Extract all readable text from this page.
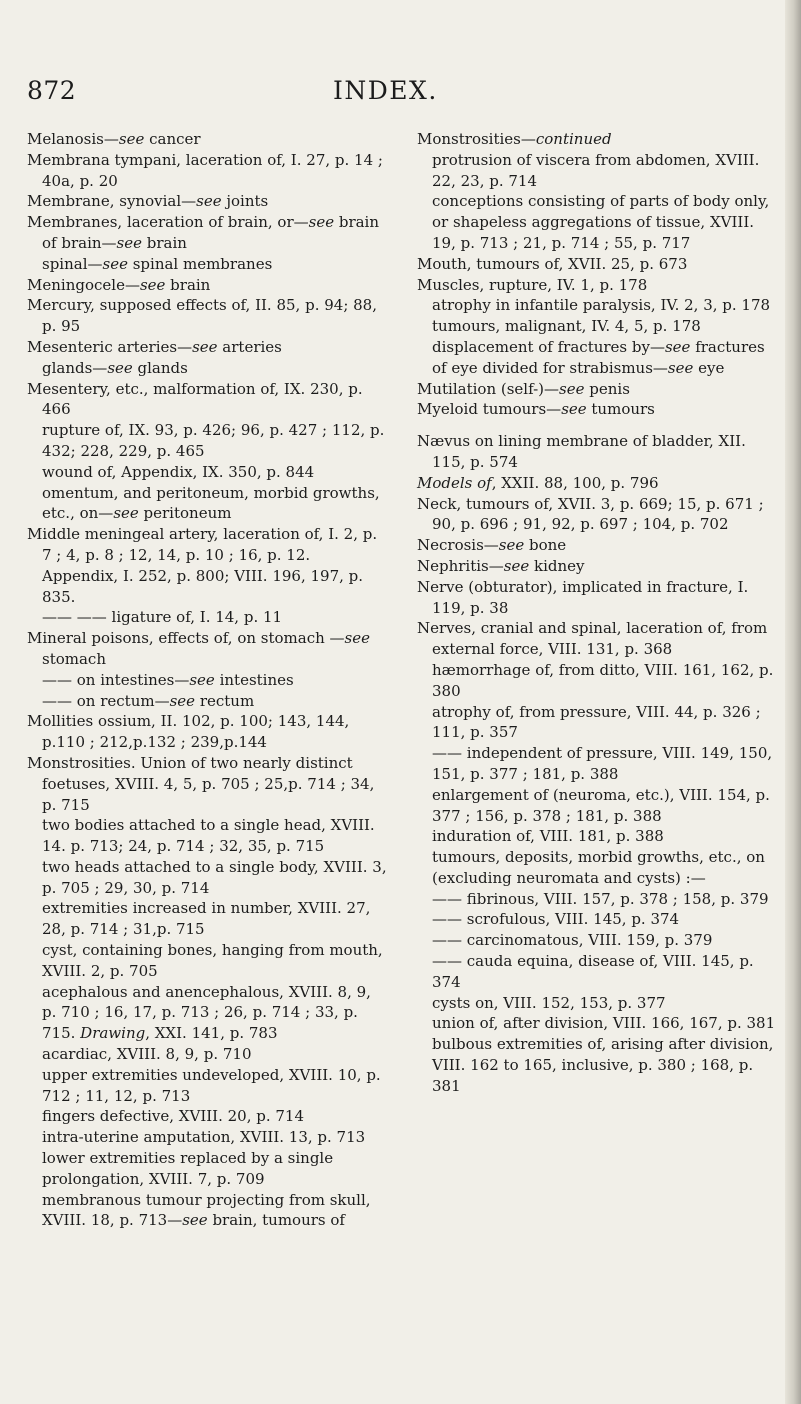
872	INDEX.

Melanosis—see cancer

Membrana tympani, laceration of, I. 27, p. 14 ; 40a, p. 20

Membrane, synovial—see joints

Membranes, laceration of brain, or—see brain

of brain—see brain

spinal—see spinal membranes

Meningocele—see brain

Mercury, supposed effects of, II. 85, p. 94; 88, p. 95

Mesenteric arteries—see arteries

glands—see glands

Mesentery, etc., malformation of, IX. 230, p. 466

rupture of, IX. 93, p. 426; 96, p. 427 ; 112, p. 432; 228, 229, p. 465

wound of, Appendix, IX. 350, p. 844

omentum, and peritoneum, morbid growths, etc., on—see peritoneum

Middle meningeal artery, laceration of, I. 2, p. 7 ; 4, p. 8 ; 12, 14, p. 10 ; 16, p. 12. Appendix, I. 252, p. 800; VIII. 196, 197, p. 835.

—— —— ligature of, I. 14, p. 11

Mineral poisons, effects of, on stomach —see stomach

—— on intestines—see intestines

—— on rectum—see rectum

Mollities ossium, II. 102, p. 100; 143, 144, p.110 ; 212,p.132 ; 239,p.144

Monstrosities. Union of two nearly distinct foetuses, XVIII. 4, 5, p. 705 ; 25,p. 714 ; 34, p. 715

two bodies attached to a single head, XVIII. 14. p. 713; 24, p. 714 ; 32, 35, p. 715

two heads attached to a single body, XVIII. 3, p. 705 ; 29, 30, p. 714

extremities increased in number, XVIII. 27, 28, p. 714 ; 31,p. 715

cyst, containing bones, hanging from mouth, XVIII. 2, p. 705

acephalous and anencephalous, XVIII. 8, 9, p. 710 ; 16, 17, p. 713 ; 26, p. 714 ; 33, p. 715. Drawing, XXI. 141, p. 783

acardiac, XVIII. 8, 9, p. 710

upper extremities undeveloped, XVIII. 10, p. 712 ; 11, 12, p. 713

fingers defective, XVIII. 20, p. 714

intra-uterine amputation, XVIII. 13, p. 713

lower extremities replaced by a single prolongation, XVIII. 7, p. 709

membranous tumour projecting from skull, XVIII. 18, p. 713—see brain, tumours of

Monstrosities—continued

protrusion of viscera from abdomen, XVIII. 22, 23, p. 714

conceptions consisting of parts of body only, or shapeless aggregations of tissue, XVIII. 19, p. 713 ; 21, p. 714 ; 55, p. 717

Mouth, tumours of, XVII. 25, p. 673

Muscles, rupture, IV. 1, p. 178

atrophy in infantile paralysis, IV. 2, 3, p. 178

tumours, malignant, IV. 4, 5, p. 178

displacement of fractures by—see fractures

of eye divided for strabismus—see eye

Mutilation (self-)—see penis

Myeloid tumours—see tumours

Nævus on lining membrane of bladder, XII. 115, p. 574

Models of, XXII. 88, 100, p. 796

Neck, tumours of, XVII. 3, p. 669; 15, p. 671 ; 90, p. 696 ; 91, 92, p. 697 ; 104, p. 702

Necrosis—see bone

Nephritis—see kidney

Nerve (obturator), implicated in fracture, I. 119, p. 38

Nerves, cranial and spinal, laceration of, from external force, VIII. 131, p. 368

hæmorrhage of, from ditto, VIII. 161, 162, p. 380

atrophy of, from pressure, VIII. 44, p. 326 ; 111, p. 357

—— independent of pressure, VIII. 149, 150, 151, p. 377 ; 181, p. 388

enlargement of (neuroma, etc.), VIII. 154, p. 377 ; 156, p. 378 ; 181, p. 388

induration of, VIII. 181, p. 388

tumours, deposits, morbid growths, etc., on (excluding neuromata and cysts) :—

—— fibrinous, VIII. 157, p. 378 ; 158, p. 379

—— scrofulous, VIII. 145, p. 374

—— carcinomatous, VIII. 159, p. 379

—— cauda equina, disease of, VIII. 145, p. 374

cysts on, VIII. 152, 153, p. 377

union of, after division, VIII. 166, 167, p. 381

bulbous extremities of, arising after division, VIII. 162 to 165, inclusive, p. 380 ; 168, p. 381
